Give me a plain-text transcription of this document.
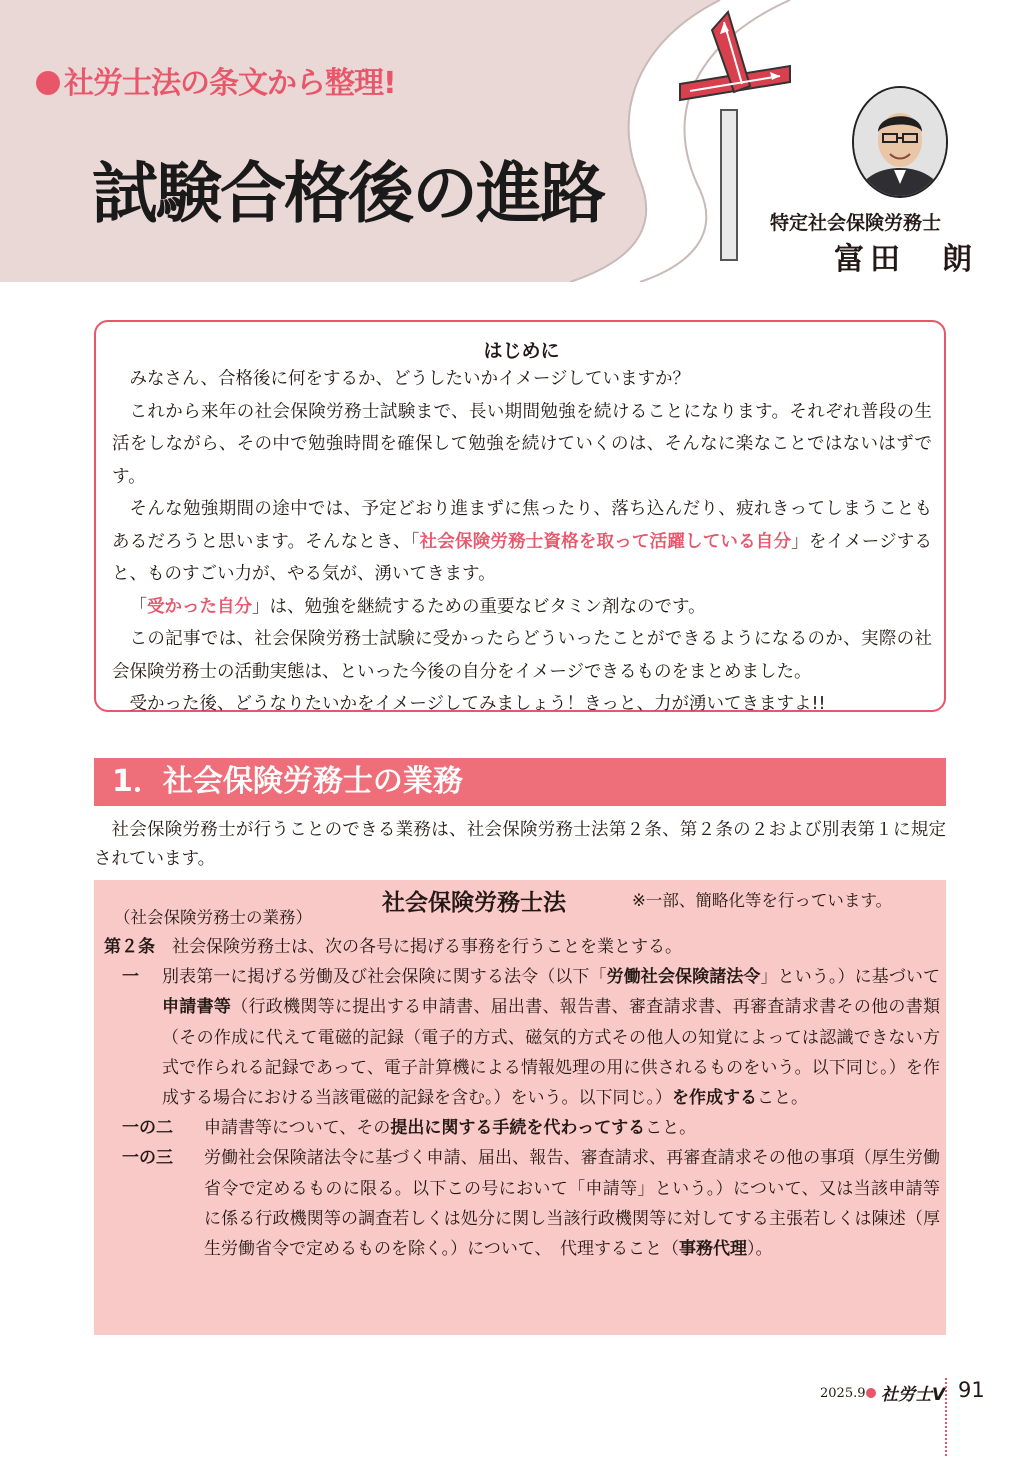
社労士法の条文から整理!
試験合格後の進路	特定社会保険労務士
富田　朗
はじめに

みなさん、合格後に何をするか、どうしたいかイメージしていますか？

これから来年の社会保険労務士試験まで、長い期間勉強を続けることになります。それぞれ普段の生活をしながら、その中で勉強時間を確保して勉強を続けていくのは、そんなに楽なことではないはずです。

そんな勉強期間の途中では、予定どおり進まずに焦ったり、落ち込んだり、疲れきってしまうこともあるだろうと思います。そんなとき、「社会保険労務士資格を取って活躍している自分」をイメージすると、ものすごい力が、やる気が、湧いてきます。

「受かった自分」は、勉強を継続するための重要なビタミン剤なのです。

この記事では、社会保険労務士試験に受かったらどういったことができるようになるのか、実際の社会保険労務士の活動実態は、といった今後の自分をイメージできるものをまとめました。

受かった後、どうなりたいかをイメージしてみましょう！きっと、力が湧いてきますよ!!

1．社会保険労務士の業務

社会保険労務士が行うことのできる業務は、社会保険労務士法第２条、第２条の２および別表第１に規定されています。

社会保険労務士法	※一部、簡略化等を行っています。
（社会保険労務士の業務）
第２条 　社会保険労務士は、次の各号に掲げる事務を行うことを業とする。
一	別表第一に掲げる労働及び社会保険に関する法令（以下「労働社会保険諸法令」という。）に基づいて申請書等（行政機関等に提出する申請書、届出書、報告書、審査請求書、再審査請求書その他の書類（その作成に代えて電磁的記録（電子的方式、磁気的方式その他人の知覚によっては認識できない方式で作られる記録であって、電子計算機による情報処理の用に供されるものをいう。以下同じ。）を作成する場合における当該電磁的記録を含む。）をいう。以下同じ。）を作成すること。
一の二	申請書等について、その提出に関する手続を代わってすること。
一の三	労働社会保険諸法令に基づく申請、届出、報告、審査請求、再審査請求その他の事項（厚生労働省令で定めるものに限る。以下この号において「申請等」という。）について、又は当該申請等に係る行政機関等の調査若しくは処分に関し当該行政機関等に対してする主張若しくは陳述（厚生労働省令で定めるものを除く。）について、　代理すること（事務代理）。
2025.9 社労士V 91
